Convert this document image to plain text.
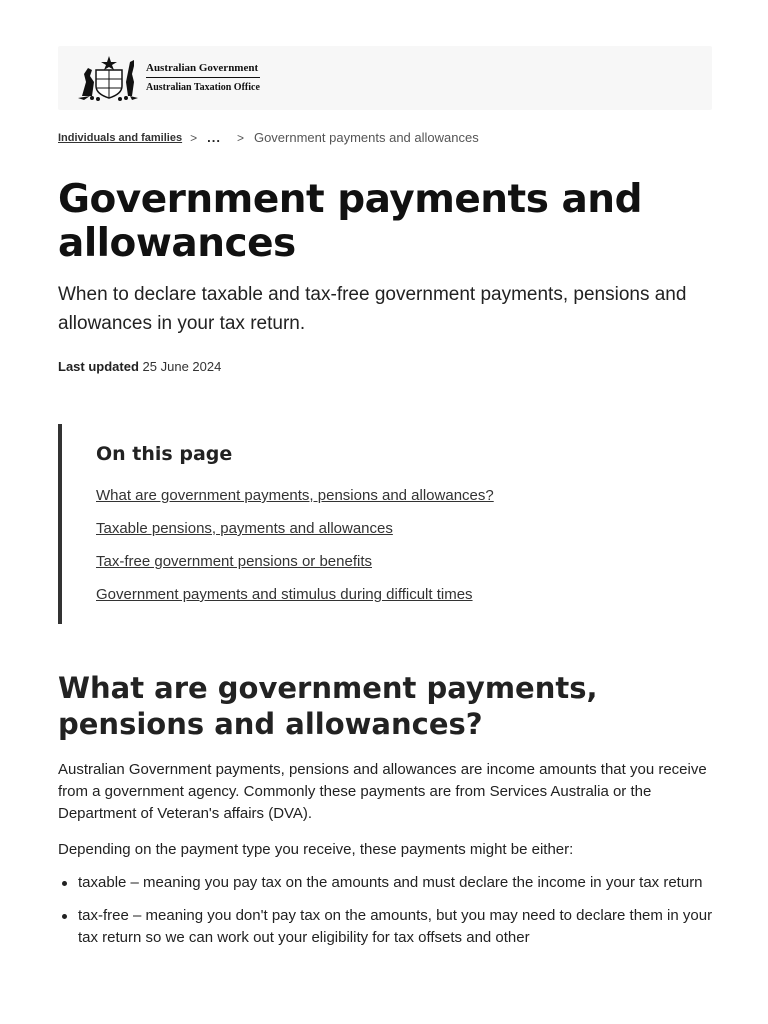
Australian Government
Australian Taxation Office
Individuals and families > ... > Government payments and allowances
Government payments and allowances

When to declare taxable and tax-free government payments, pensions and allowances in your tax return.

Last updated 25 June 2024
On this page
What are government payments, pensions and allowances?
Taxable pensions, payments and allowances
Tax-free government pensions or benefits
Government payments and stimulus during difficult times
What are government payments, pensions and allowances?

Australian Government payments, pensions and allowances are income amounts that you receive from a government agency. Commonly these payments are from Services Australia or the Department of Veteran's affairs (DVA).

Depending on the payment type you receive, these payments might be either:

taxable – meaning you pay tax on the amounts and must declare the income in your tax return
tax-free – meaning you don't pay tax on the amounts, but you may need to declare them in your tax return so we can work out your eligibility for tax offsets and other
